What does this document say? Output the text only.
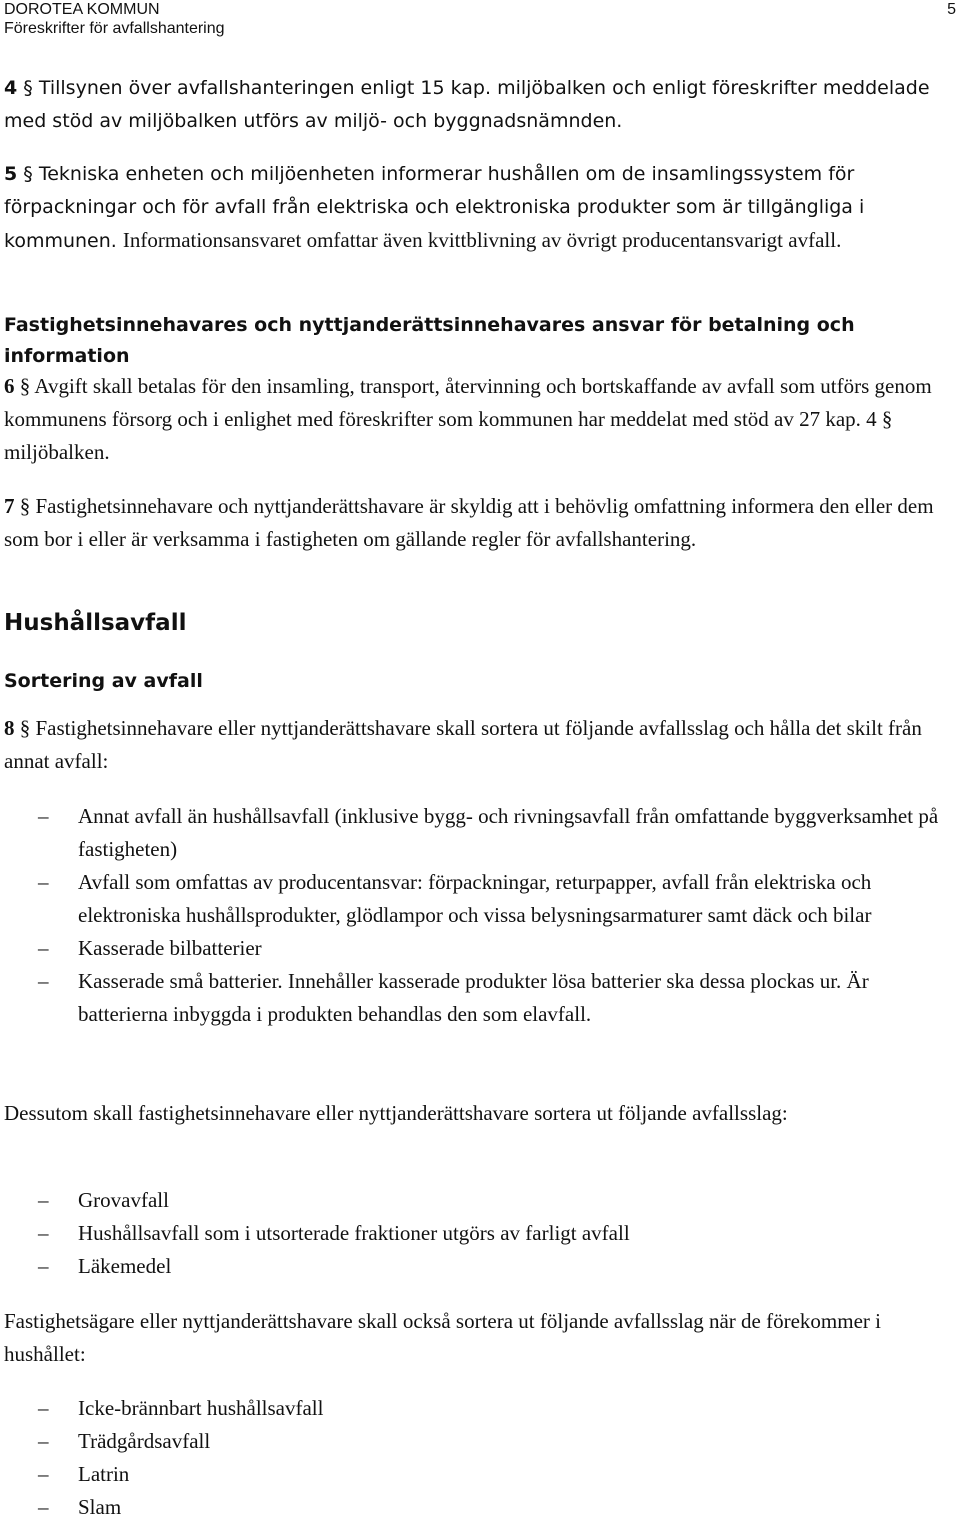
DOROTEA KOMMUN
Föreskrifter för avfallshantering
5

4 § Tillsynen över avfallshanteringen enligt 15 kap. miljöbalken och enligt föreskrifter meddelade med stöd av miljöbalken utförs av miljö- och byggnadsnämnden.

5 § Tekniska enheten och miljöenheten informerar hushållen om de insamlingssystem för förpackningar och för avfall från elektriska och elektroniska produkter som är tillgängliga i kommunen. Informationsansvaret omfattar även kvittblivning av övrigt producentansvarigt avfall.

Fastighetsinnehavares och nyttjanderättsinnehavares ansvar för betalning och information

6 § Avgift skall betalas för den insamling, transport, återvinning och bortskaffande av avfall som utförs genom kommunens försorg och i enlighet med föreskrifter som kommunen har meddelat med stöd av 27 kap. 4 § miljöbalken.

7 § Fastighetsinnehavare och nyttjanderättshavare är skyldig att i behövlig omfattning informera den eller dem som bor i eller är verksamma i fastigheten om gällande regler för avfallshantering.

Hushållsavfall
Sortering av avfall

8 § Fastighetsinnehavare eller nyttjanderättshavare skall sortera ut följande avfallsslag och hålla det skilt från annat avfall:

– Annat avfall än hushållsavfall (inklusive bygg- och rivningsavfall från omfattande byggverksamhet på fastigheten)
– Avfall som omfattas av producentansvar: förpackningar, returpapper, avfall från elektriska och elektroniska hushållsprodukter, glödlampor och vissa belysningsarmaturer samt däck och bilar
– Kasserade bilbatterier
– Kasserade små batterier. Innehåller kasserade produkter lösa batterier ska dessa plockas ur. Är batterierna inbyggda i produkten behandlas den som elavfall.

Dessutom skall fastighetsinnehavare eller nyttjanderättshavare sortera ut följande avfallsslag:

– Grovavfall
– Hushållsavfall som i utsorterade fraktioner utgörs av farligt avfall
– Läkemedel

Fastighetsägare eller nyttjanderättshavare skall också sortera ut följande avfallsslag när de förekommer i hushållet:

– Icke-brännbart hushållsavfall
– Trädgårdsavfall
– Latrin
– Slam
